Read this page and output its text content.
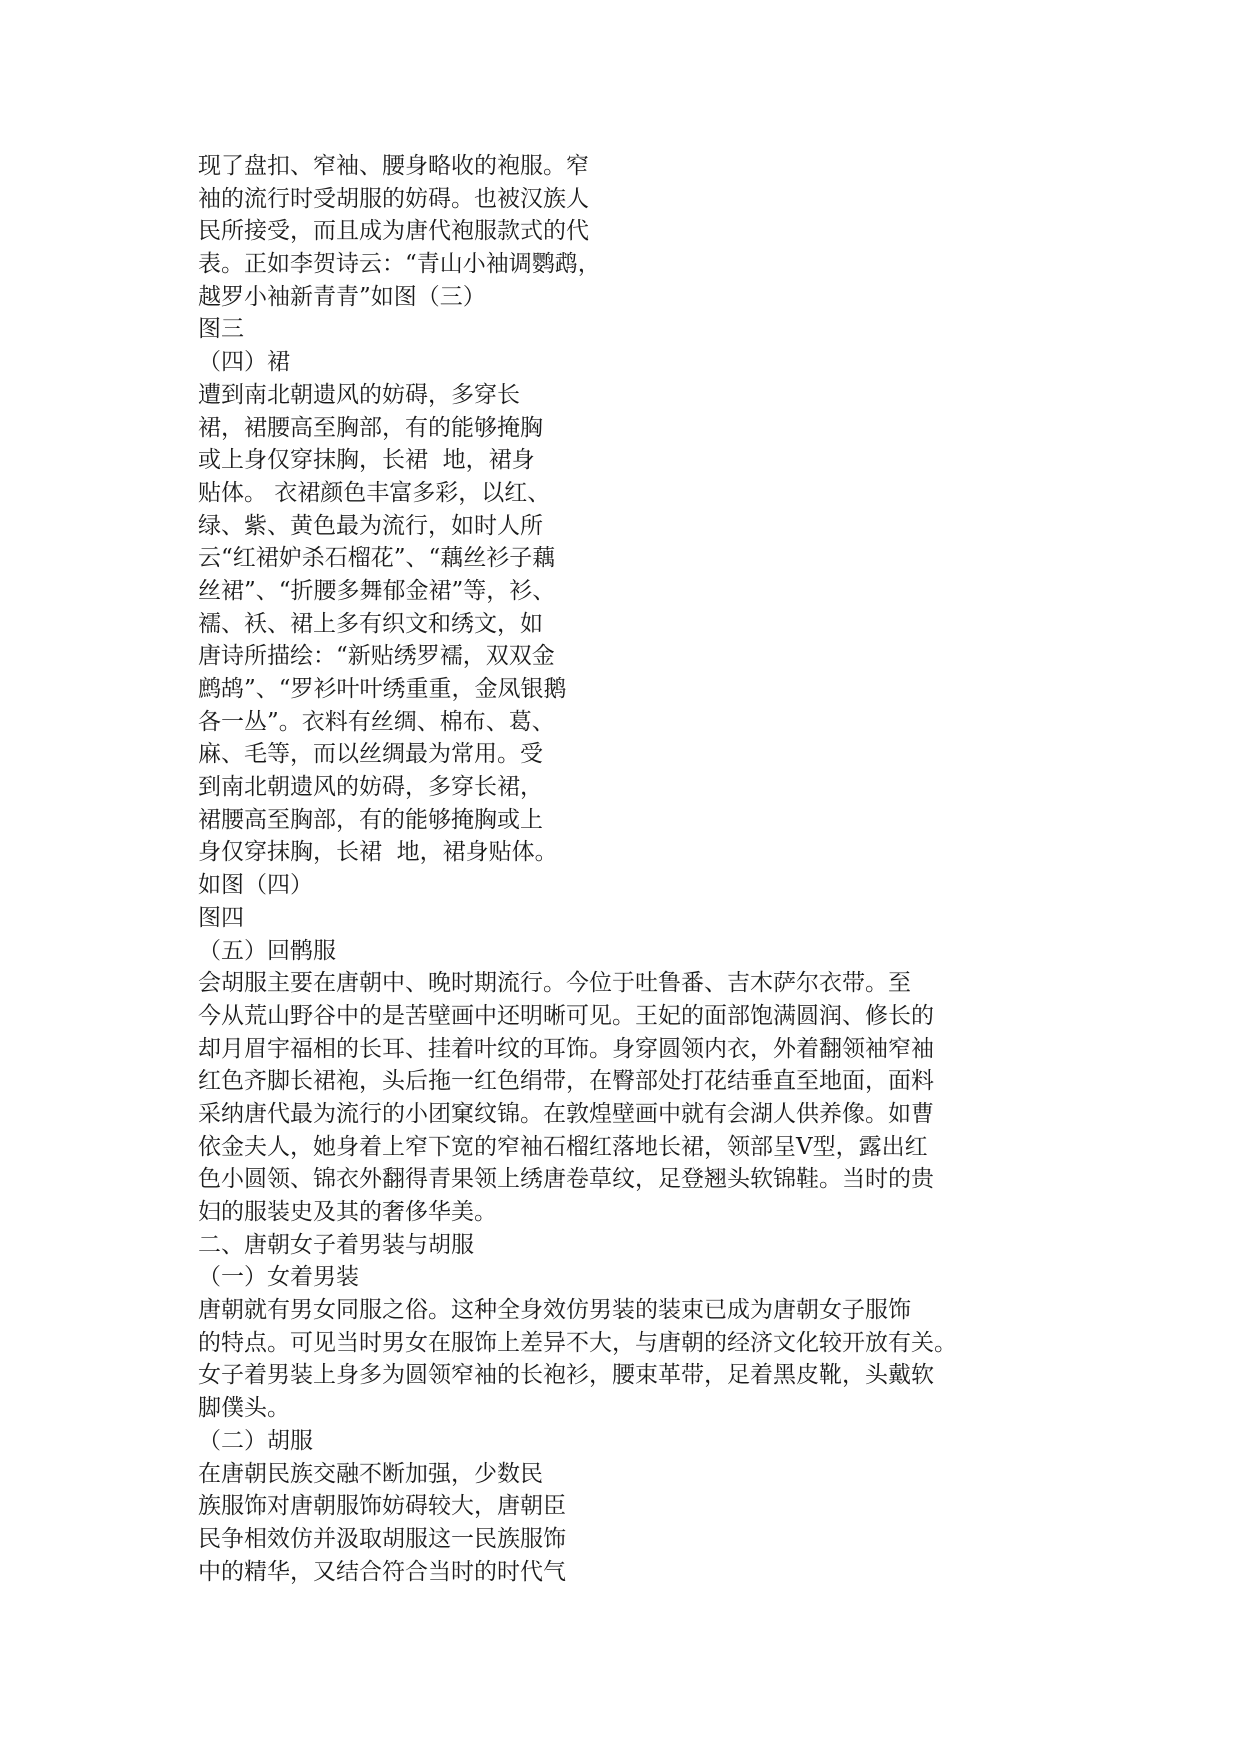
现了盘扣、窄袖、腰身略收的袍服。窄
袖的流行时受胡服的妨碍。也被汉族人
民所接受，而且成为唐代袍服款式的代
表。正如李贺诗云：“青山小袖调鹦鹉，
越罗小袖新青青”如图（三）
图三
（四）裙
遭到南北朝遗风的妨碍，多穿长
裙，裙腰高至胸部，有的能够掩胸
或上身仅穿抹胸，长裙  地，裙身
贴体。 衣裙颜色丰富多彩，以红、
绿、紫、黄色最为流行，如时人所
云“红裙妒杀石榴花”、“藕丝衫子藕
丝裙”、“折腰多舞郁金裙”等，衫、
襦、袄、裙上多有织文和绣文，如
唐诗所描绘：“新贴绣罗襦，双双金
鹧鸪”、“罗衫叶叶绣重重，金凤银鹅
各一丛”。衣料有丝绸、棉布、葛、
麻、毛等，而以丝绸最为常用。受
到南北朝遗风的妨碍，多穿长裙，
裙腰高至胸部，有的能够掩胸或上
身仅穿抹胸，长裙  地，裙身贴体。
如图（四）
图四
（五）回鹘服
会胡服主要在唐朝中、晚时期流行。今位于吐鲁番、吉木萨尔衣带。至
今从荒山野谷中的是苦壁画中还明晰可见。王妃的面部饱满圆润、修长的
却月眉宇福相的长耳、挂着叶纹的耳饰。身穿圆领内衣，外着翻领袖窄袖
红色齐脚长裙袍，头后拖一红色绢带，在臀部处打花结垂直至地面，面料
采纳唐代最为流行的小团窠纹锦。在敦煌壁画中就有会湖人供养像。如曹
依金夫人，她身着上窄下宽的窄袖石榴红落地长裙，领部呈V型，露出红
色小圆领、锦衣外翻得青果领上绣唐卷草纹，足登翘头软锦鞋。当时的贵
妇的服装史及其的奢侈华美。
二、唐朝女子着男装与胡服
（一）女着男装
唐朝就有男女同服之俗。这种全身效仿男装的装束已成为唐朝女子服饰
的特点。可见当时男女在服饰上差异不大，与唐朝的经济文化较开放有关。
女子着男装上身多为圆领窄袖的长袍衫，腰束革带，足着黑皮靴，头戴软
脚僕头。
（二）胡服
在唐朝民族交融不断加强，少数民
族服饰对唐朝服饰妨碍较大，唐朝臣
民争相效仿并汲取胡服这一民族服饰
中的精华，又结合符合当时的时代气
